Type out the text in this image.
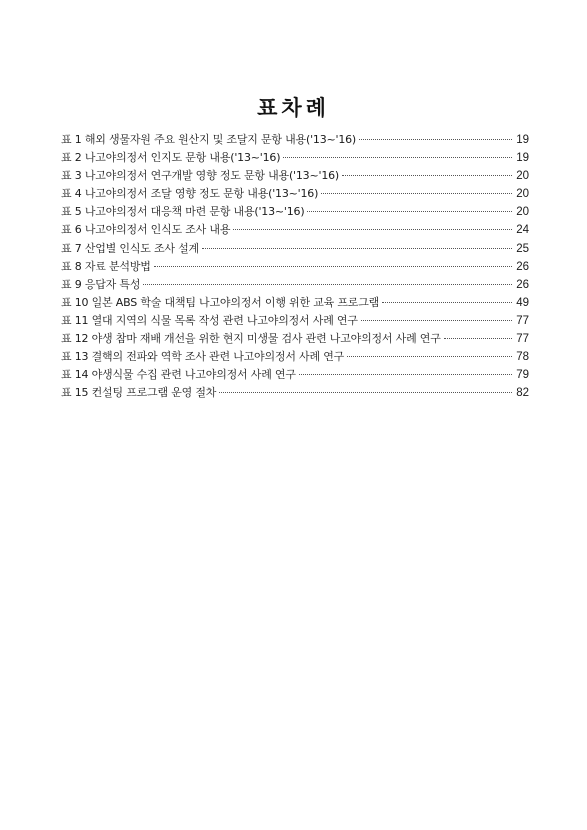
표차례
표 1 해외 생물자원 주요 원산지 및 조달지 문항 내용('13~'16)	19
표 2 나고야의정서 인지도 문항 내용('13~'16)	19
표 3 나고야의정서 연구개발 영향 정도 문항 내용('13~'16)	20
표 4 나고야의정서 조달 영향 정도 문항 내용('13~'16)	20
표 5 나고야의정서 대응책 마련 문항 내용('13~'16)	20
표 6 나고야의정서 인식도 조사 내용	24
표 7 산업별 인식도 조사 설계	25
표 8 자료 분석방법	26
표 9 응답자 특성	26
표 10 일본 ABS 학술 대책팀 나고야의정서 이행 위한 교육 프로그램	49
표 11 열대 지역의 식물 목록 작성 관련 나고야의정서 사례 연구	77
표 12 야생 참마 재배 개선을 위한 현지 미생물 검사 관련 나고야의정서 사례 연구	77
표 13 결핵의 전파와 역학 조사 관련 나고야의정서 사례 연구	78
표 14 야생식물 수집 관련 나고야의정서 사례 연구	79
표 15 컨설팅 프로그램 운영 절차	82
